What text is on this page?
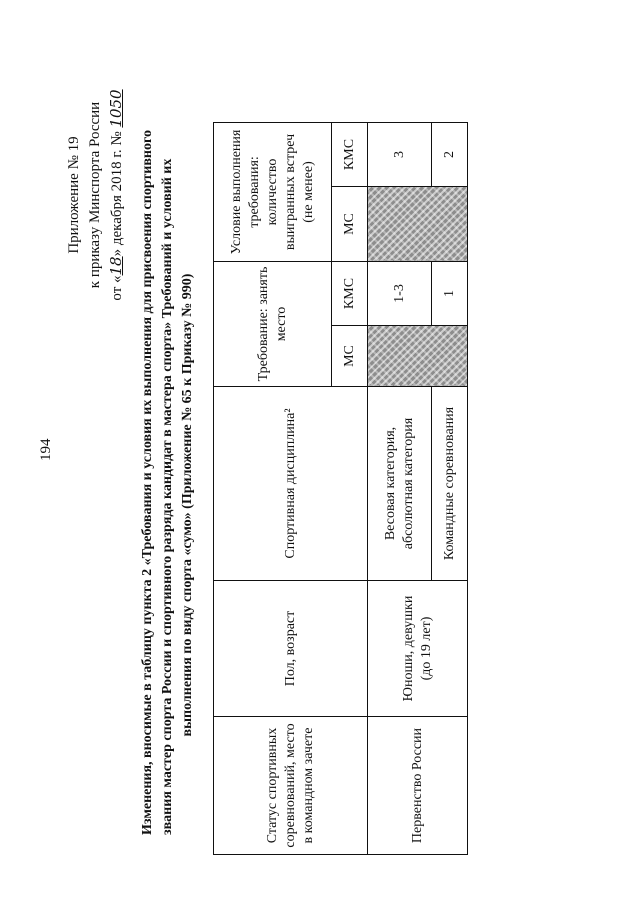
194
Приложение № 19 к приказу Минспорта России от «18» декабря 2018 г. № 1050
Изменения, вносимые в таблицу пункта 2 «Требования и условия их выполнения для присвоения спортивного звания мастер спорта России и спортивного разряда кандидат в мастера спорта» Требований и условий их выполнения по виду спорта «сумо» (Приложение № 65 к Приказу № 990)
Статус спортивных соревнований, место в командном зачете	Пол, возраст	Спортивная дисциплина²	Требование: занять место		Условие выполнения требования: количество выигранных встреч (не менее)	
			МС	КМС	МС	КМС
Первенство России	Юноши, девушки (до 19 лет)	Весовая категория, абсолютная категория		1-3		3
		Командные соревнования		1		2
